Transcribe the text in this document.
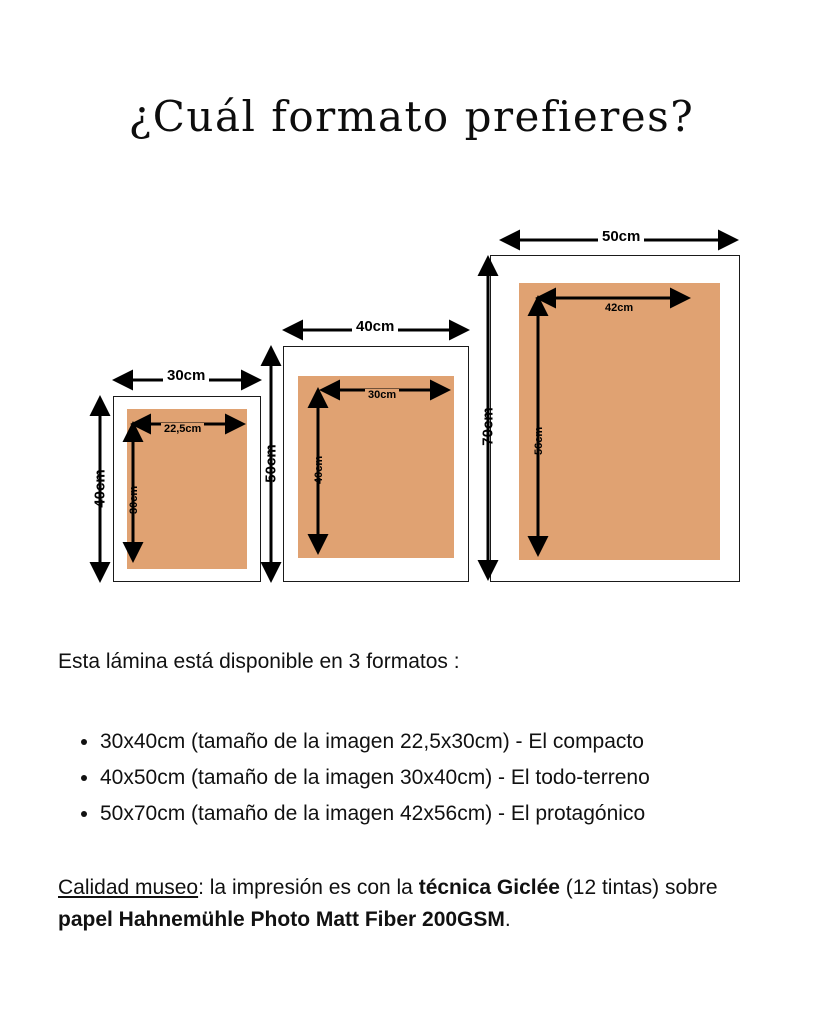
¿Cuál formato prefieres?
30cm
40cm
22,5cm
30cm
40cm
50cm
30cm
40cm
50cm
70cm
42cm
56cm
Esta lámina está disponible en 3 formatos :
• 30x40cm (tamaño de la imagen 22,5x30cm) - El compacto
• 40x50cm (tamaño de la imagen 30x40cm) - El todo-terreno
• 50x70cm (tamaño de la imagen 42x56cm) - El protagónico
Calidad museo: la impresión es con la técnica Giclée (12 tintas) sobre papel Hahnemühle Photo Matt Fiber 200GSM.
